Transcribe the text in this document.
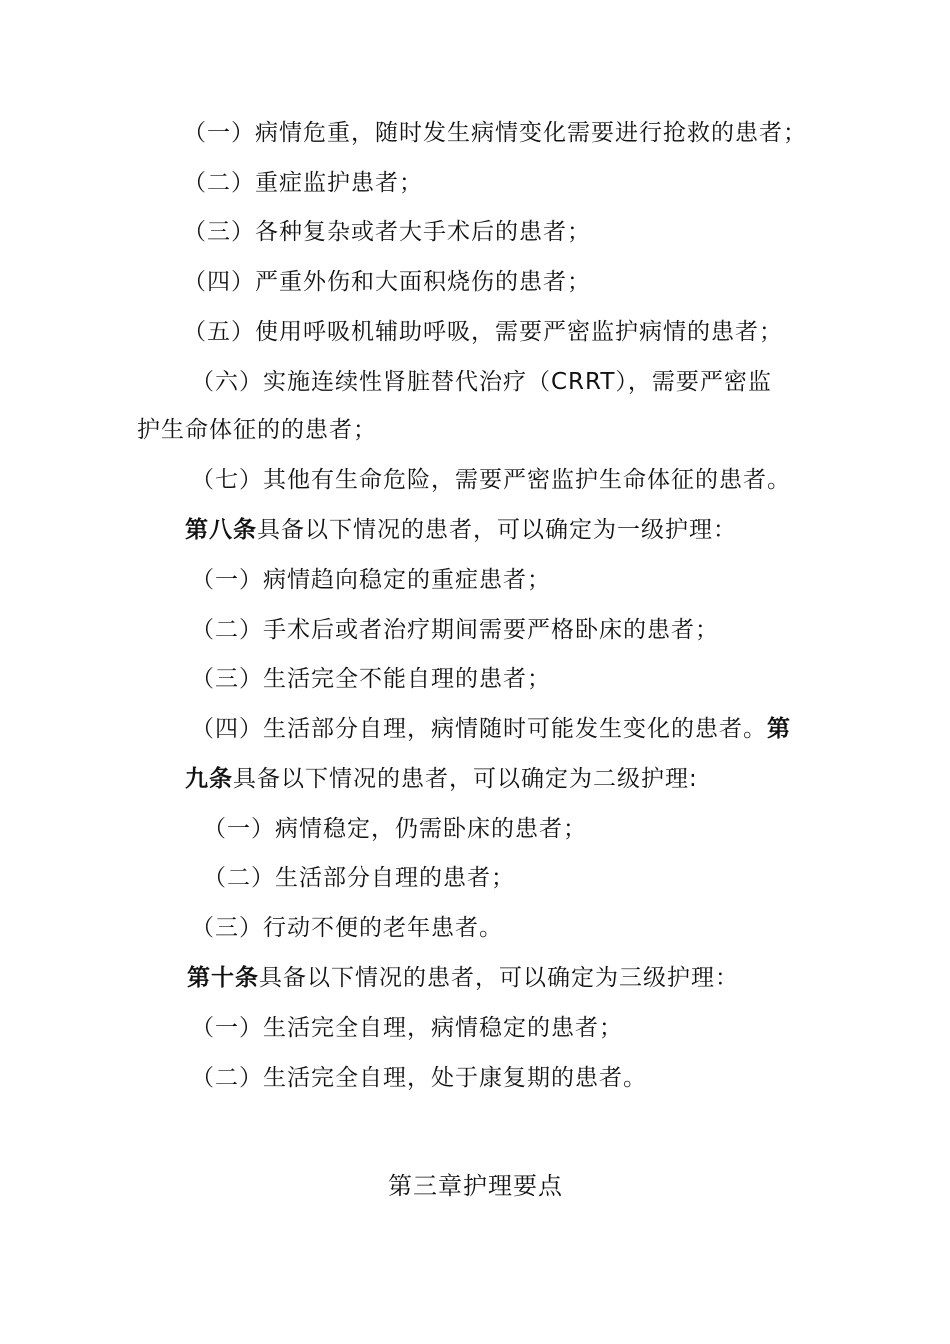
（一）病情危重，随时发生病情变化需要进行抢救的患者；
（二）重症监护患者；
（三）各种复杂或者大手术后的患者；
（四）严重外伤和大面积烧伤的患者；
（五）使用呼吸机辅助呼吸，需要严密监护病情的患者；
（六）实施连续性肾脏替代治疗（CRRT），需要严密监
护生命体征的的患者；
（七）其他有生命危险，需要严密监护生命体征的患者。
第八条具备以下情况的患者，可以确定为一级护理：
（一）病情趋向稳定的重症患者；
（二）手术后或者治疗期间需要严格卧床的患者；
（三）生活完全不能自理的患者；
（四）生活部分自理，病情随时可能发生变化的患者。第
九条具备以下情况的患者，可以确定为二级护理:
（一）病情稳定，仍需卧床的患者；
（二）生活部分自理的患者；
（三）行动不便的老年患者。
第十条具备以下情况的患者，可以确定为三级护理：
（一）生活完全自理，病情稳定的患者；
（二）生活完全自理，处于康复期的患者。
第三章护理要点
